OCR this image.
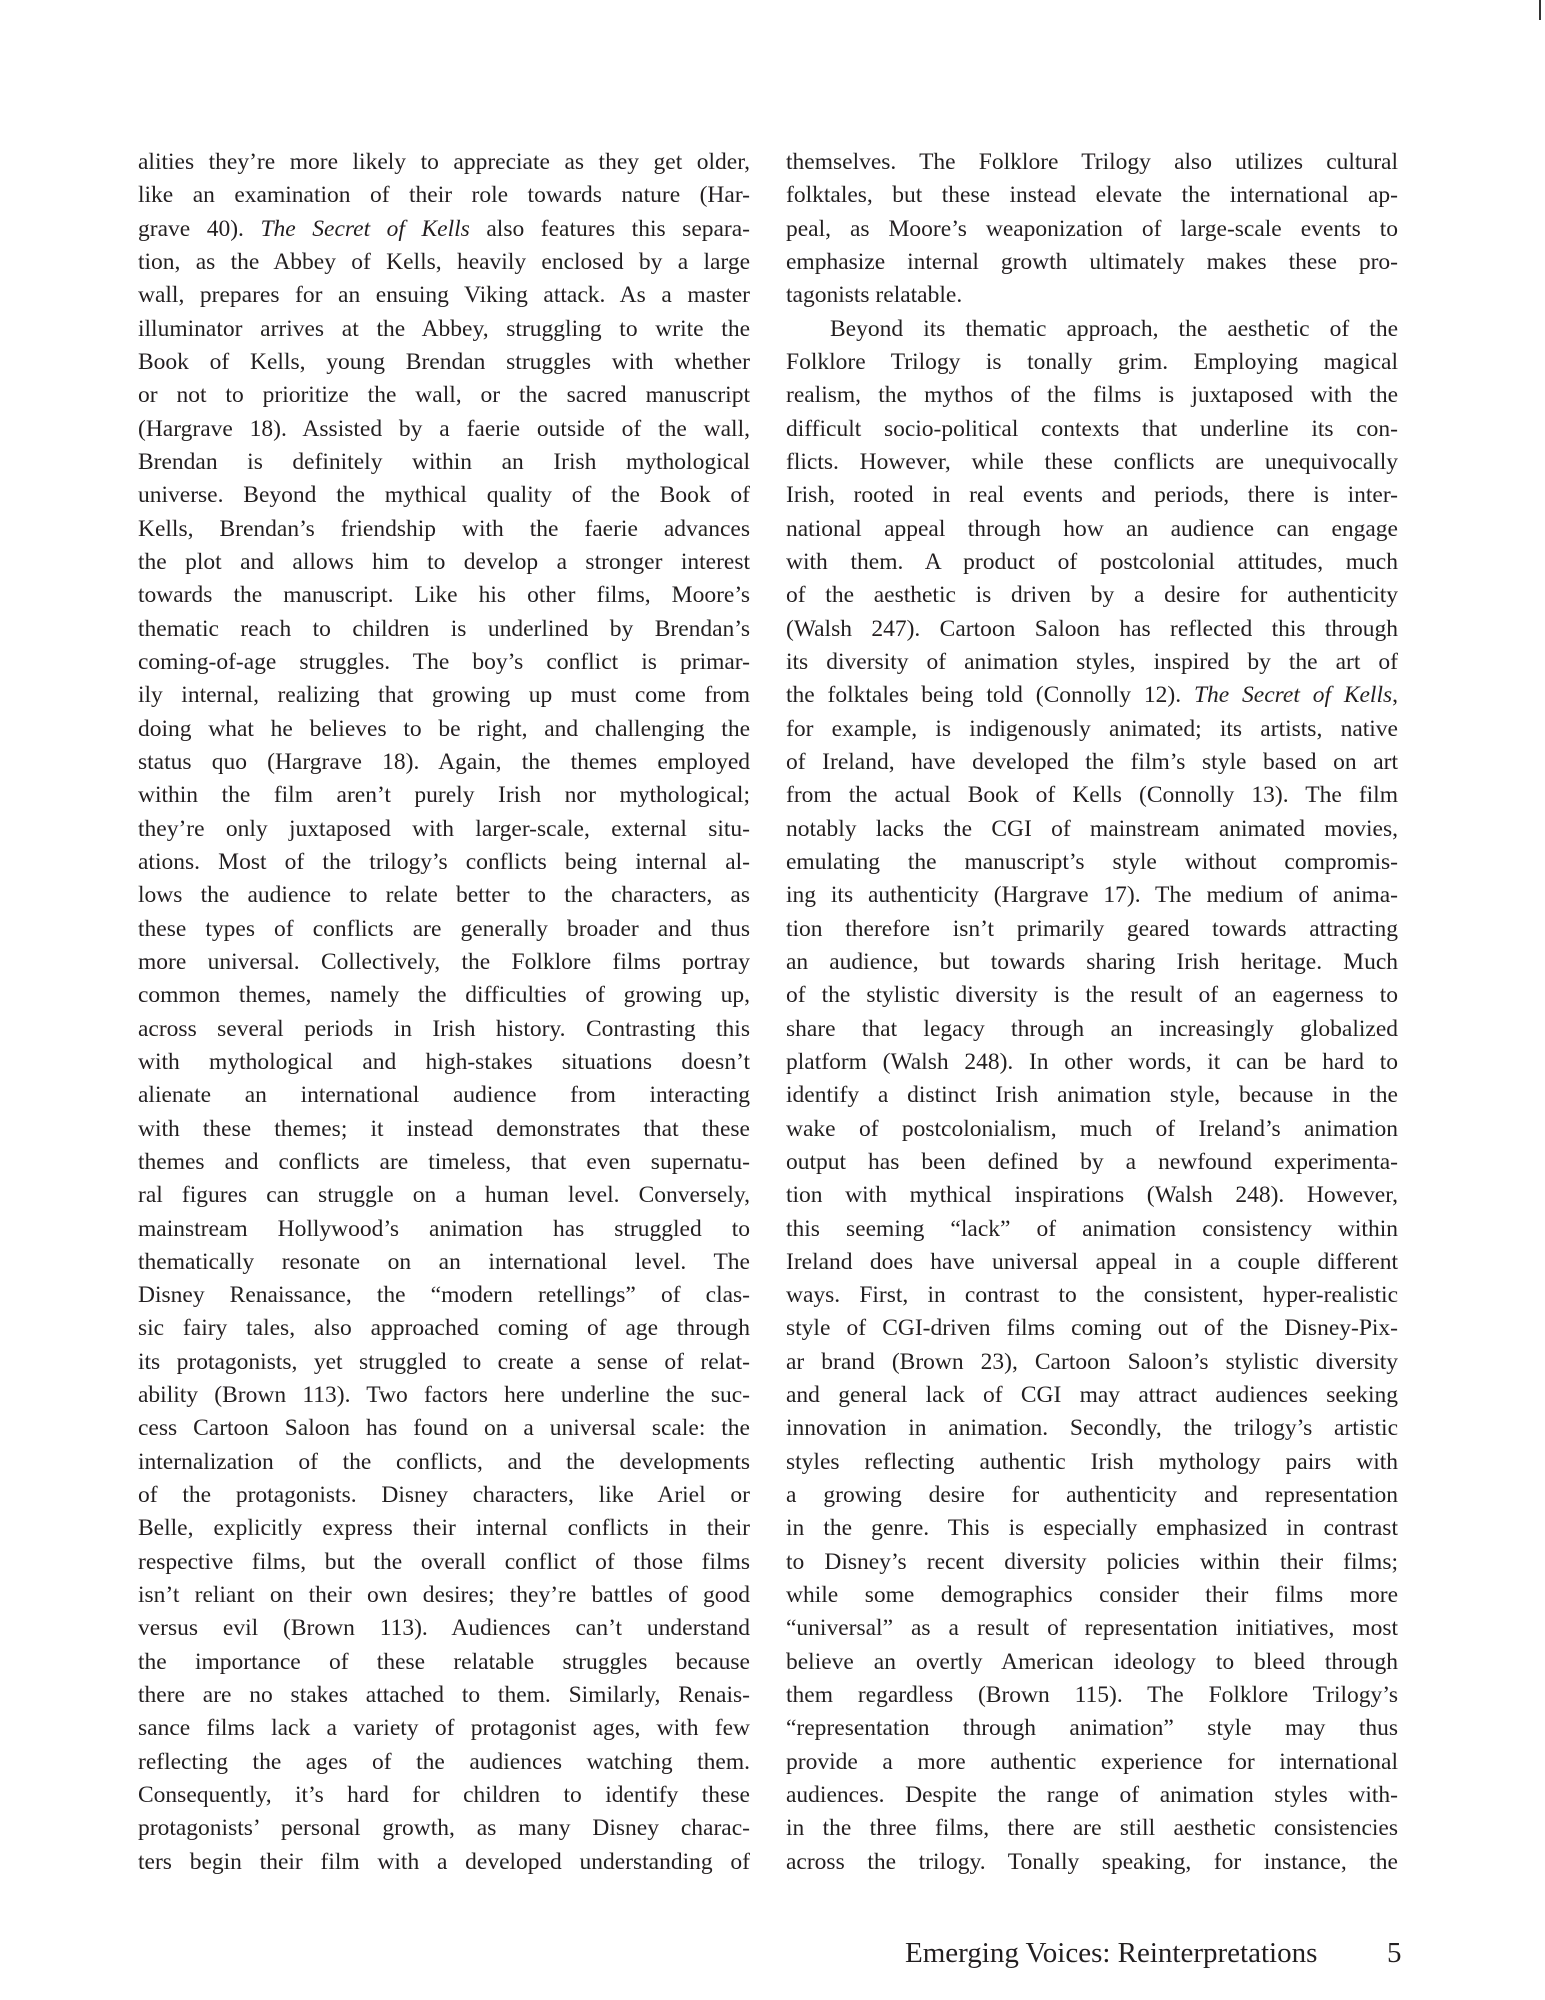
alities they’re more likely to appreciate as they get older,
like an examination of their role towards nature (Har-
grave 40). The Secret of Kells also features this separa-
tion, as the Abbey of Kells, heavily enclosed by a large
wall, prepares for an ensuing Viking attack. As a master
illuminator arrives at the Abbey, struggling to write the
Book of Kells, young Brendan struggles with whether
or not to prioritize the wall, or the sacred manuscript
(Hargrave 18). Assisted by a faerie outside of the wall,
Brendan is definitely within an Irish mythological
universe. Beyond the mythical quality of the Book of
Kells, Brendan’s friendship with the faerie advances
the plot and allows him to develop a stronger interest
towards the manuscript. Like his other films, Moore’s
thematic reach to children is underlined by Brendan’s
coming-of-age struggles. The boy’s conflict is primar-
ily internal, realizing that growing up must come from
doing what he believes to be right, and challenging the
status quo (Hargrave 18). Again, the themes employed
within the film aren’t purely Irish nor mythological;
they’re only juxtaposed with larger-scale, external situ-
ations. Most of the trilogy’s conflicts being internal al-
lows the audience to relate better to the characters, as
these types of conflicts are generally broader and thus
more universal. Collectively, the Folklore films portray
common themes, namely the difficulties of growing up,
across several periods in Irish history. Contrasting this
with mythological and high-stakes situations doesn’t
alienate an international audience from interacting
with these themes; it instead demonstrates that these
themes and conflicts are timeless, that even supernatu-
ral figures can struggle on a human level. Conversely,
mainstream Hollywood’s animation has struggled to
thematically resonate on an international level. The
Disney Renaissance, the “modern retellings” of clas-
sic fairy tales, also approached coming of age through
its protagonists, yet struggled to create a sense of relat-
ability (Brown 113). Two factors here underline the suc-
cess Cartoon Saloon has found on a universal scale: the
internalization of the conflicts, and the developments
of the protagonists. Disney characters, like Ariel or
Belle, explicitly express their internal conflicts in their
respective films, but the overall conflict of those films
isn’t reliant on their own desires; they’re battles of good
versus evil (Brown 113). Audiences can’t understand
the importance of these relatable struggles because
there are no stakes attached to them. Similarly, Renais-
sance films lack a variety of protagonist ages, with few
reflecting the ages of the audiences watching them.
Consequently, it’s hard for children to identify these
protagonists’ personal growth, as many Disney charac-
ters begin their film with a developed understanding of
themselves. The Folklore Trilogy also utilizes cultural
folktales, but these instead elevate the international ap-
peal, as Moore’s weaponization of large-scale events to
emphasize internal growth ultimately makes these pro-
tagonists relatable.
Beyond its thematic approach, the aesthetic of the
Folklore Trilogy is tonally grim. Employing magical
realism, the mythos of the films is juxtaposed with the
difficult socio-political contexts that underline its con-
flicts. However, while these conflicts are unequivocally
Irish, rooted in real events and periods, there is inter-
national appeal through how an audience can engage
with them. A product of postcolonial attitudes, much
of the aesthetic is driven by a desire for authenticity
(Walsh 247). Cartoon Saloon has reflected this through
its diversity of animation styles, inspired by the art of
the folktales being told (Connolly 12). The Secret of Kells,
for example, is indigenously animated; its artists, native
of Ireland, have developed the film’s style based on art
from the actual Book of Kells (Connolly 13). The film
notably lacks the CGI of mainstream animated movies,
emulating the manuscript’s style without compromis-
ing its authenticity (Hargrave 17). The medium of anima-
tion therefore isn’t primarily geared towards attracting
an audience, but towards sharing Irish heritage. Much
of the stylistic diversity is the result of an eagerness to
share that legacy through an increasingly globalized
platform (Walsh 248). In other words, it can be hard to
identify a distinct Irish animation style, because in the
wake of postcolonialism, much of Ireland’s animation
output has been defined by a newfound experimenta-
tion with mythical inspirations (Walsh 248). However,
this seeming “lack” of animation consistency within
Ireland does have universal appeal in a couple different
ways. First, in contrast to the consistent, hyper-realistic
style of CGI-driven films coming out of the Disney-Pix-
ar brand (Brown 23), Cartoon Saloon’s stylistic diversity
and general lack of CGI may attract audiences seeking
innovation in animation. Secondly, the trilogy’s artistic
styles reflecting authentic Irish mythology pairs with
a growing desire for authenticity and representation
in the genre. This is especially emphasized in contrast
to Disney’s recent diversity policies within their films;
while some demographics consider their films more
“universal” as a result of representation initiatives, most
believe an overtly American ideology to bleed through
them regardless (Brown 115). The Folklore Trilogy’s
“representation through animation” style may thus
provide a more authentic experience for international
audiences. Despite the range of animation styles with-
in the three films, there are still aesthetic consistencies
across the trilogy. Tonally speaking, for instance, the
Emerging Voices: Reinterpretations 5
